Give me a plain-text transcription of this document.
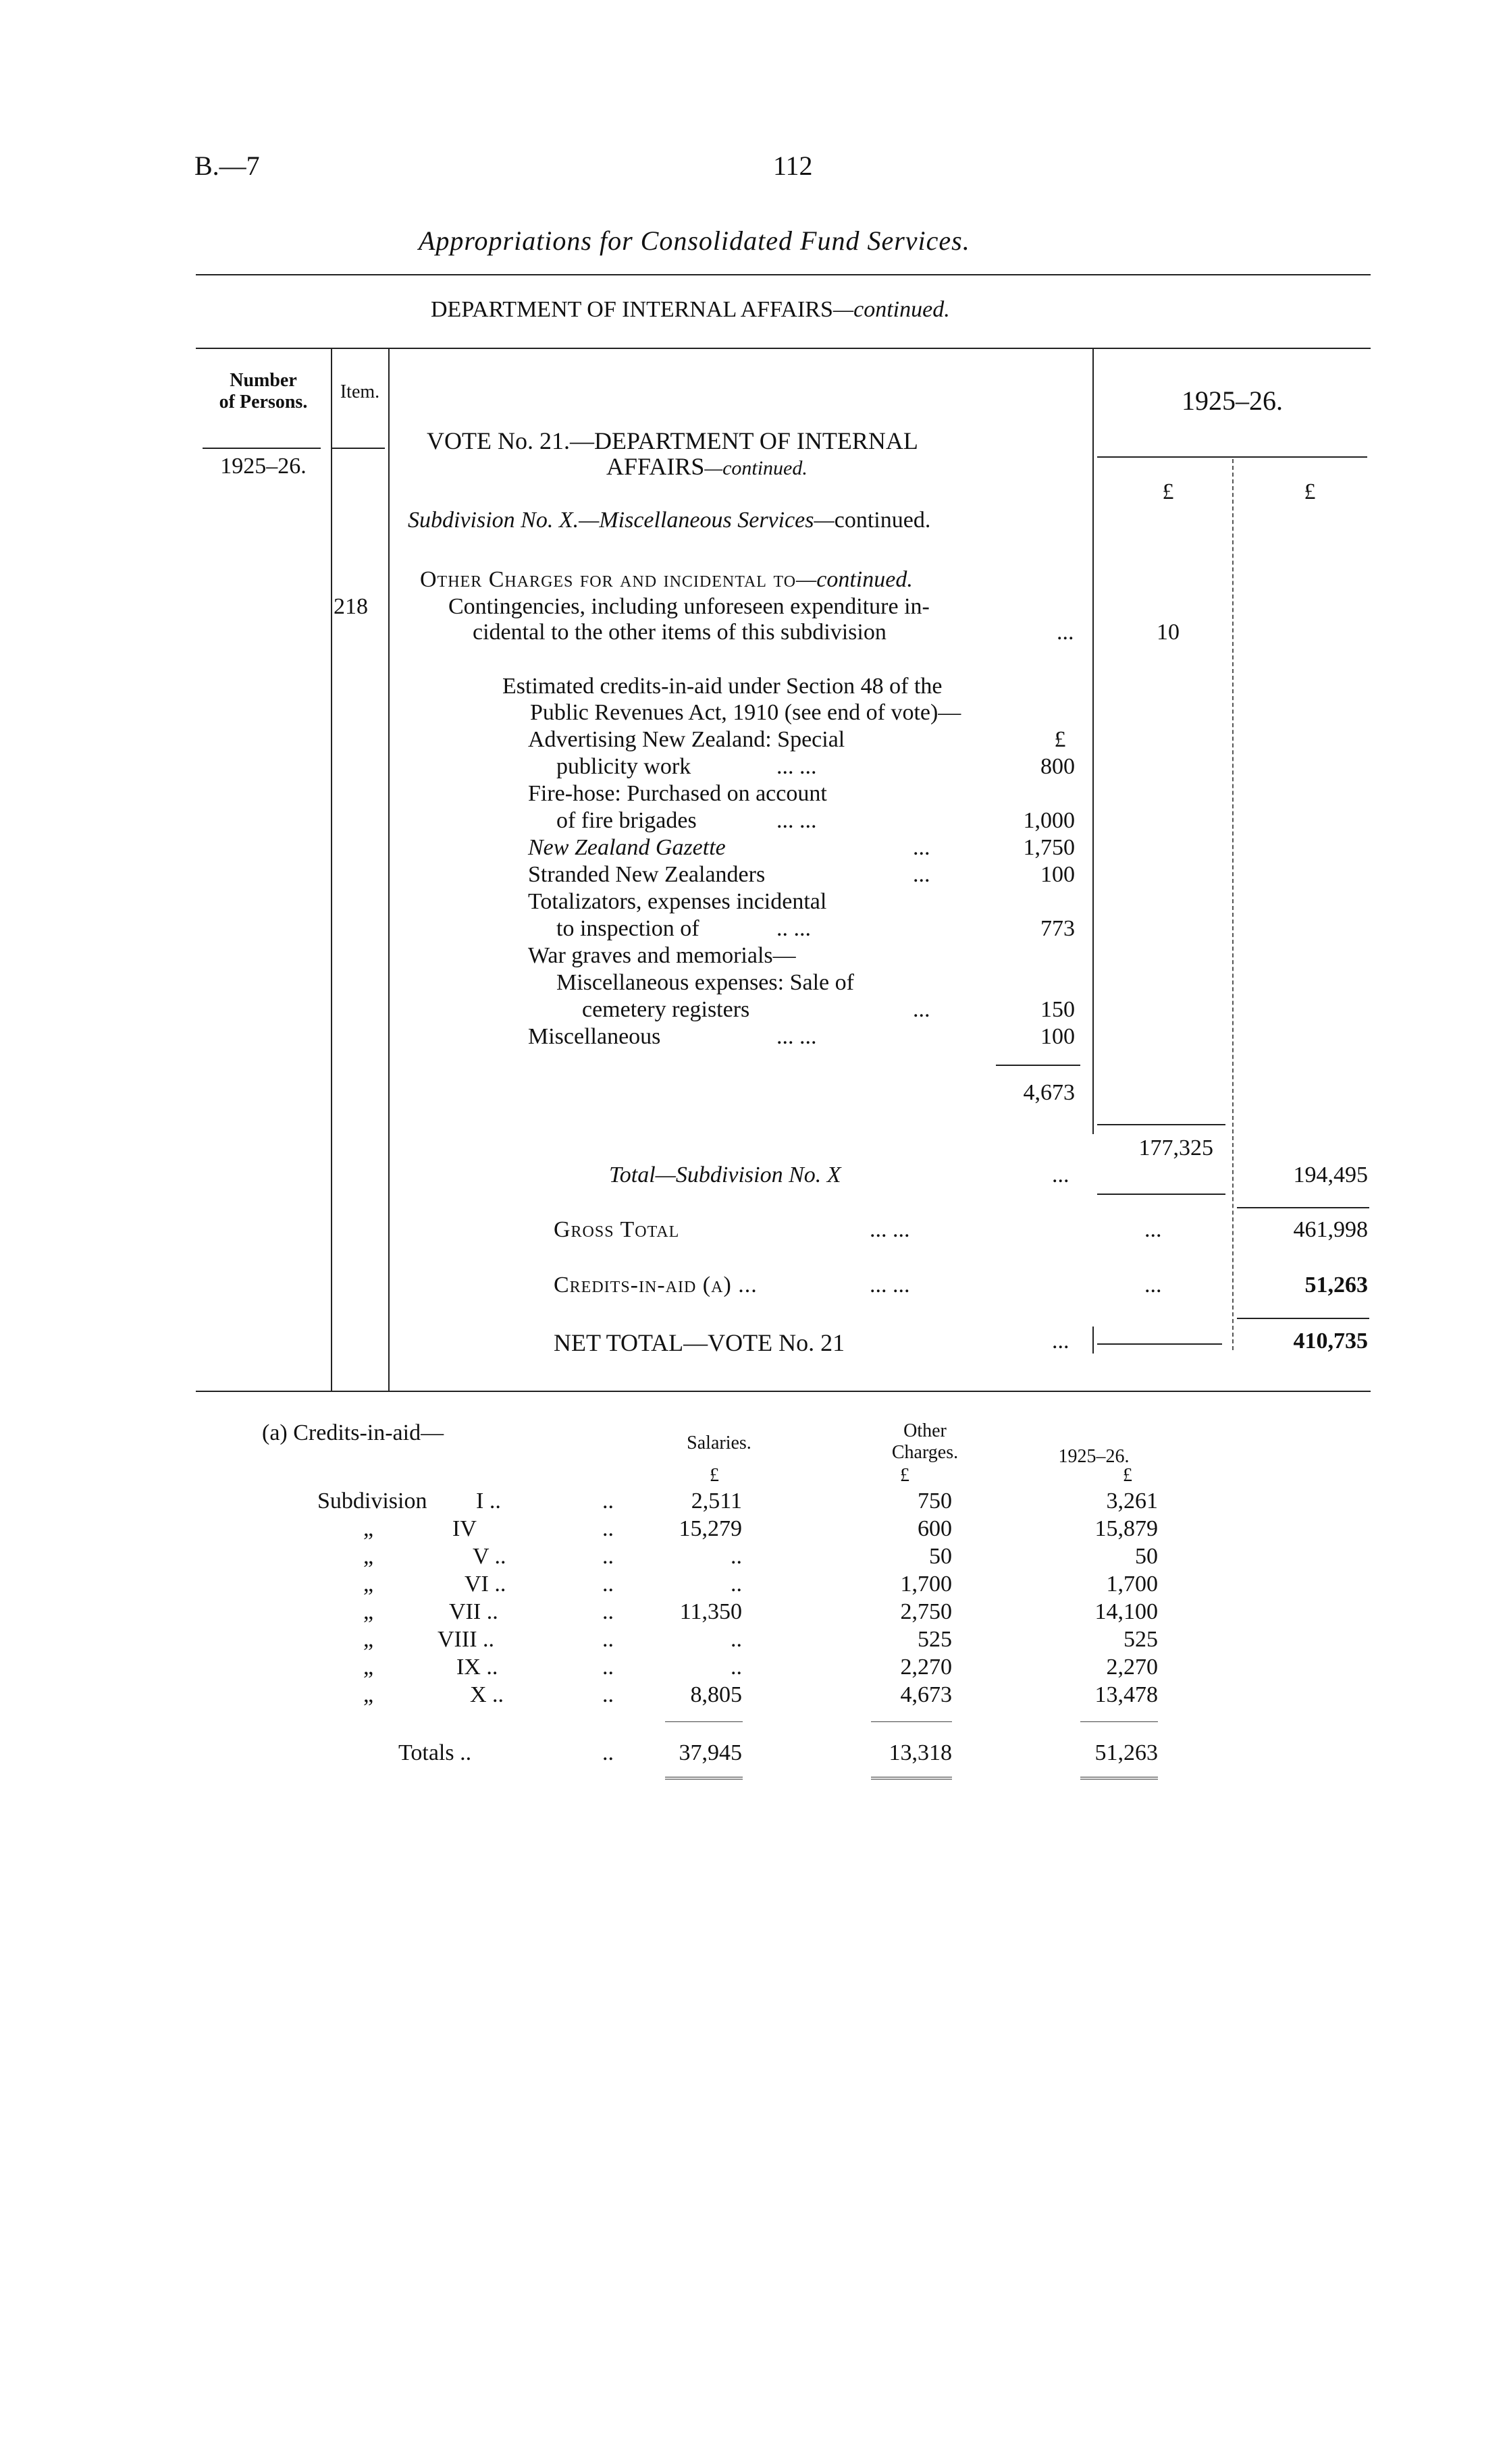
B.—7	112
Appropriations for Consolidated Fund Services.
DEPARTMENT OF INTERNAL AFFAIRS—continued.
Number
of Persons.	Item.	1925–26.
£	£
1925–26.
VOTE No. 21.—DEPARTMENT OF INTERNAL
AFFAIRS—continued.
Subdivision No. X.—Miscellaneous Services—continued.
Other Charges for and incidental to—continued.
218	Contingencies, including unforeseen expenditure in-
cidental to the other items of this subdivision	...	10
Estimated credits-in-aid under Section 48 of the
Public Revenues Act, 1910 (see end of vote)—
£
Advertising New Zealand: Special
publicity work	... ...	800
Fire-hose: Purchased on account
of fire brigades	... ...	1,000
New Zealand Gazette	...	1,750
Stranded New Zealanders	...	100
Totalizators, expenses incidental
to inspection of	.. ...	773
War graves and memorials—
Miscellaneous expenses: Sale of
cemetery registers	...	150
Miscellaneous	... ...	100
4,673
177,325
Total—Subdivision No. X	...	194,495
Gross Total	... ...	...	461,998
Credits-in-aid (a) ...	... ...	...	51,263
NET TOTAL—VOTE No. 21	...	410,735
(a) Credits-in-aid—	Salaries.
Other
Charges.	1925–26.
£	£	£
Subdivision I ..	..	2,511	750	3,261
„	IV	..	15,279	600	15,879
„	V ..	..	..	50	50
„	VI ..	..	..	1,700	1,700
„	VII ..	..	11,350	2,750	14,100
„	VIII ..	..	..	525	525
„	IX ..	..	..	2,270	2,270
„	X ..	..	8,805	4,673	13,478
Totals ..	..	37,945	13,318	51,263
